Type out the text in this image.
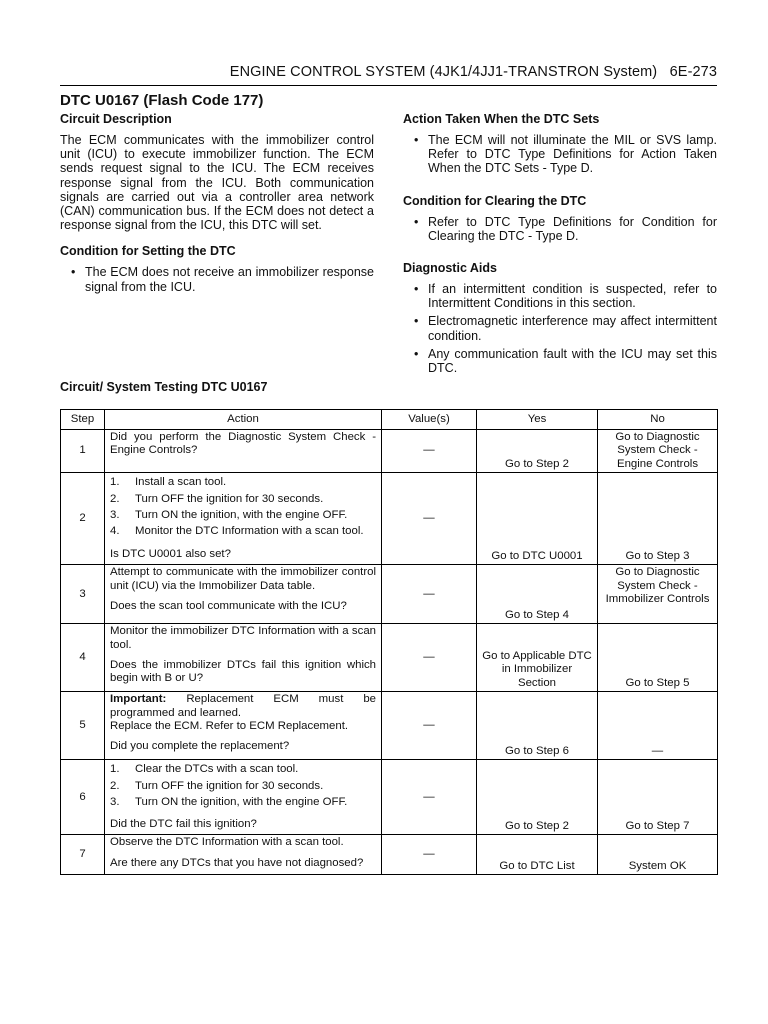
ENGINE CONTROL SYSTEM (4JK1/4JJ1-TRANSTRON System) 6E-273
DTC U0167 (Flash Code 177)

Circuit Description

The ECM communicates with the immobilizer control unit (ICU) to execute immobilizer function. The ECM sends request signal to the ICU. The ECM receives response signal from the ICU. Both communication signals are carried out via a controller area network (CAN) communication bus. If the ECM does not detect a response signal from the ICU, this DTC will set.

Condition for Setting the DTC

• The ECM does not receive an immobilizer response signal from the ICU.

Action Taken When the DTC Sets

• The ECM will not illuminate the MIL or SVS lamp. Refer to DTC Type Definitions for Action Taken When the DTC Sets - Type D.

Condition for Clearing the DTC

• Refer to DTC Type Definitions for Condition for Clearing the DTC - Type D.

Diagnostic Aids

• If an intermittent condition is suspected, refer to Intermittent Conditions in this section.
• Electromagnetic interference may affect intermittent condition.
• Any communication fault with the ICU may set this DTC.

Circuit/ System Testing DTC U0167

Step	Action	Value(s)	Yes	No
1	Did you perform the Diagnostic System Check - Engine Controls?	—	Go to Step 2	Go to Diagnostic System Check - Engine Controls
2	1. Install a scan tool.
2. Turn OFF the ignition for 30 seconds.
3. Turn ON the ignition, with the engine OFF.
4. Monitor the DTC Information with a scan tool.
Is DTC U0001 also set?	—	Go to DTC U0001	Go to Step 3
3	Attempt to communicate with the immobilizer control unit (ICU) via the Immobilizer Data table.
Does the scan tool communicate with the ICU?	—	Go to Step 4	Go to Diagnostic System Check - Immobilizer Controls
4	Monitor the immobilizer DTC Information with a scan tool.
Does the immobilizer DTCs fail this ignition which begin with B or U?	—	Go to Applicable DTC in Immobilizer Section	Go to Step 5
5	Important: Replacement ECM must be programmed and learned.
Replace the ECM. Refer to ECM Replacement.
Did you complete the replacement?	—	Go to Step 6	—
6	1. Clear the DTCs with a scan tool.
2. Turn OFF the ignition for 30 seconds.
3. Turn ON the ignition, with the engine OFF.
Did the DTC fail this ignition?	—	Go to Step 2	Go to Step 7
7	Observe the DTC Information with a scan tool.
Are there any DTCs that you have not diagnosed?	—	Go to DTC List	System OK
